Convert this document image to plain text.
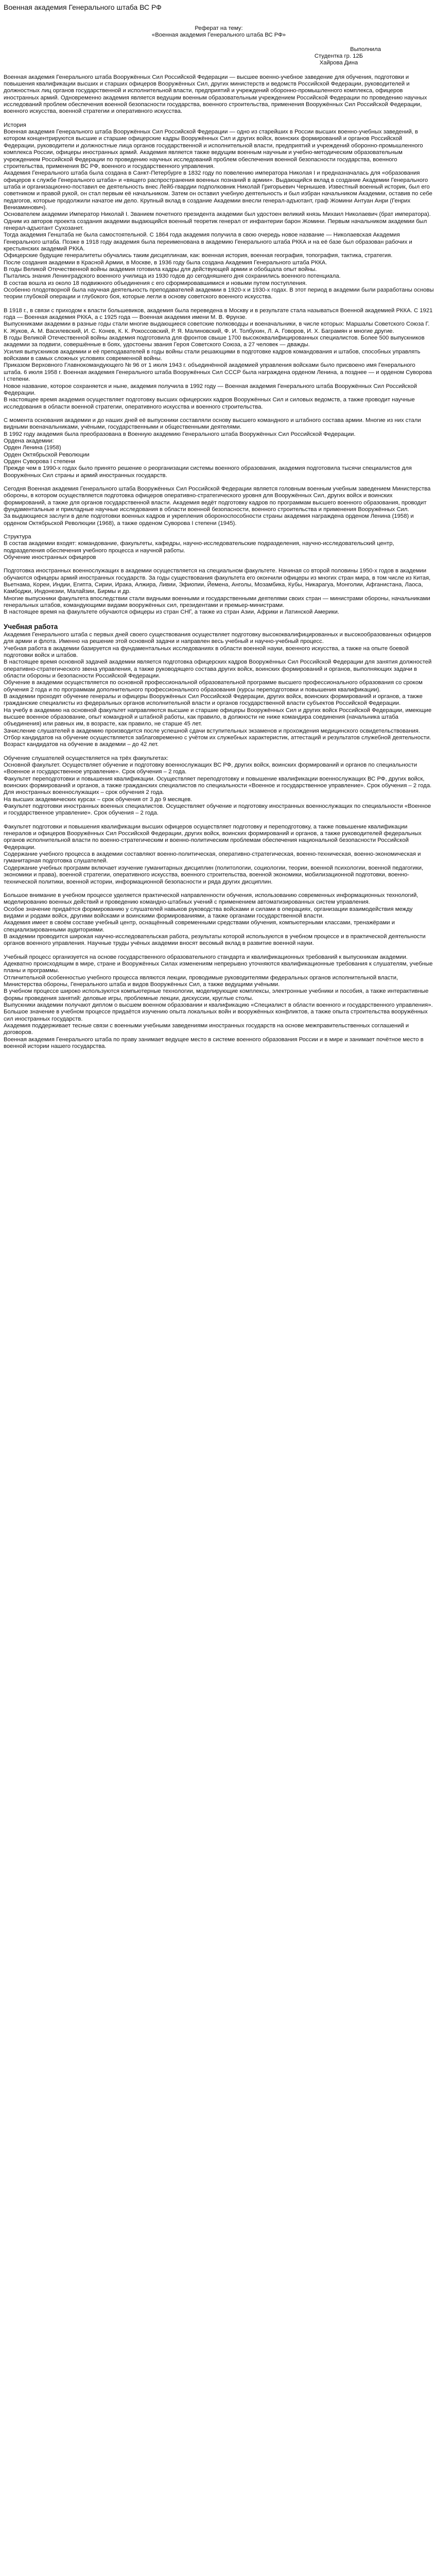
Военная академия Генерального штаба ВС РФ

Реферат на тему:

«Военная академия Генерального штаба ВС РФ»

Выполнила

Студентка гр. 12Б

Хайрова Дина

Военная академия Генерального штаба Вооружённых Сил Российской Федерации — высшее военно-учебное заведение для обучения, подготовки и повышения квалификации высших и старших офицеров Вооружённых Сил, других министерств и ведомств Российской Федерации, руководителей и должностных лиц органов государственной и исполнительной власти, предприятий и учреждений оборонно-промышленного комплекса, офицеров иностранных армий. Одновременно академия является ведущим военным образовательным учреждением Российской Федерации по проведению научных исследований проблем обеспечения военной безопасности государства, военного строительства, применения Вооружённых Сил Российской Федерации, военного искусства, военной стратегии и оперативного искусства.

История

Военная академия Генерального штаба Вооружённых Сил Российской Федерации — одно из старейших в России высших военно-учебных заведений, в котором концентрируются высшие и старшие офицерские кадры Вооружённых Сил и других войск, воинских формирований и органов Российской Федерации, руководители и должностные лица органов государственной и исполнительной власти, предприятий и учреждений оборонно-промышленного комплекса России, офицеры иностранных армий. Академия является также ведущим военным научным и учебно-методическим образовательным учреждением Российской Федерации по проведению научных исследований проблем обеспечения военной безопасности государства, военного строительства, применения ВС РФ, военного и государственного управления.

Академия Генерального штаба была создана в Санкт-Петербурге в 1832 году по повелению императора Николая I и предназначалась для «образования офицеров к службе Генерального штаба» и «вящего распространения военных познаний в армии». Выдающийся вклад в создание Академии Генерального штаба и организационно-поставил ее деятельность внес Лейб-гвардии подполковник Николай Григорьевич Чернышев. Известный военный историк, был его советником и правой рукой, он стал первым её начальником. Затем он оставил учебную деятельность и был избран начальником Академии, оставив по себе педагогов, которые продолжили начатое им дело. Крупный вклад в создание Академии внесли генерал-адъютант, граф Жомини Антуан Анри (Генрих Вениаминович).

Основателем академии Император Николай I. Званием почетного президента академии был удостоен великий князь Михаил Николаевич (брат императора). Одним из авторов проекта создания академии выдающийся военный теоретик генерал от инфантерии барон Жомини. Первым начальником академии был генерал-адъютант Сухозанет.

Тогда академия Генштаба не была самостоятельной. С 1864 года академия получила в свою очередь новое название — Николаевская Академия Генерального штаба. Позже в 1918 году академия была переименована в академию Генерального штаба РККА и на её базе был образован рабочих и крестьянских академий РККА.

Офицерские будущие генералитеты обучались таким дисциплинам, как: военная история, военная география, топография, тактика, стратегия.

После создания академии в Красной Армии, в Москве, в 1936 году была создана Академия Генерального штаба РККА.

В годы Великой Отечественной войны академия готовила кадры для действующей армии и обобщала опыт войны.

Пытались знания Ленинградского военного училища из 1930 годов до сегодняшнего дня сохранились военного потенциала.

В состав вошла из около 18 подвижного объединения с его сформировавшимися и новыми путем поступления.

Особенно плодотворной была научная деятельность преподавателей академии в 1920-х и 1930-х годах. В этот период в академии были разработаны основы теории глубокой операции и глубокого боя, которые легли в основу советского военного искусства.

В 1918 г., в связи с приходом к власти большевиков, академия была переведена в Москву и в результате стала называться Военной академией РККА. С 1921 года — Военная академия РККА, а с 1925 года — Военная академия имени М. В. Фрунзе.

Выпускниками академии в разные годы стали многие выдающиеся советские полководцы и военачальники, в числе которых: Маршалы Советского Союза Г. К. Жуков, А. М. Василевский, И. С. Конев, К. К. Рокоссовский, Р. Я. Малиновский, Ф. И. Толбухин, Л. А. Говоров, И. Х. Баграмян и многие другие.

В годы Великой Отечественной войны академия подготовила для фронтов свыше 1700 высококвалифицированных специалистов. Более 500 выпускников академии за подвиги, совершённые в боях, удостоены звания Героя Советского Союза, а 27 человек — дважды.

Усилия выпускников академии и её преподавателей в годы войны стали решающими в подготовке кадров командования и штабов, способных управлять войсками в самых сложных условиях современной войны.

Приказом Верховного Главнокомандующего № 96 от 1 июля 1943 г. объединённой академией управления войсками было присвоено имя Генерального штаба. 6 июля 1958 г. Военная академия Генерального штаба Вооружённых Сил СССР была награждена орденом Ленина, а позднее — и орденом Суворова I степени.

Новое название, которое сохраняется и ныне, академия получила в 1992 году — Военная академия Генерального штаба Вооружённых Сил Российской Федерации.

В настоящее время академия осуществляет подготовку высших офицерских кадров Вооружённых Сил и силовых ведомств, а также проводит научные исследования в области военной стратегии, оперативного искусства и военного строительства.

С момента основания академии и до наших дней её выпускники составляли основу высшего командного и штабного состава армии. Многие из них стали видными военачальниками, учёными, государственными и общественными деятелями.

В 1992 году академия была преобразована в Военную академию Генерального штаба Вооружённых Сил Российской Федерации.

Ордена академии:
Орден Ленина (1958)
Орден Октябрьской Революции
Орден Суворова I степени

Прежде чем в 1990-х годах было принято решение о реорганизации системы военного образования, академия подготовила тысячи специалистов для Вооружённых Сил страны и армий иностранных государств.

Сегодня Военная академия Генерального штаба Вооружённых Сил Российской Федерации является головным военным учебным заведением Министерства обороны, в котором осуществляется подготовка офицеров оперативно-стратегического уровня для Вооружённых Сил, других войск и воинских формирований, а также для органов государственной власти. Академия ведёт подготовку кадров по программам высшего военного образования, проводит фундаментальные и прикладные научные исследования в области военной безопасности, военного строительства и применения Вооружённых Сил.

За выдающиеся заслуги в деле подготовки военных кадров и укрепления обороноспособности страны академия награждена орденом Ленина (1958) и орденом Октябрьской Революции (1968), а также орденом Суворова I степени (1945).

Структура

В состав академии входят: командование, факультеты, кафедры, научно-исследовательские подразделения, научно-исследовательский центр, подразделения обеспечения учебного процесса и научной работы.

Обучение иностранных офицеров

Подготовка иностранных военнослужащих в академии осуществляется на специальном факультете. Начиная со второй половины 1950-х годов в академии обучаются офицеры армий иностранных государств. За годы существования факультета его окончили офицеры из многих стран мира, в том числе из Китая, Вьетнама, Кореи, Индии, Египта, Сирии, Ирака, Алжира, Ливии, Эфиопии, Йемена, Анголы, Мозамбика, Кубы, Никарагуа, Монголии, Афганистана, Лаоса, Камбоджи, Индонезии, Малайзии, Бирмы и др.

Многие выпускники факультета впоследствии стали видными военными и государственными деятелями своих стран — министрами обороны, начальниками генеральных штабов, командующими видами вооружённых сил, президентами и премьер-министрами.

В настоящее время на факультете обучаются офицеры из стран СНГ, а также из стран Азии, Африки и Латинской Америки.

Учебная работа

Академия Генерального штаба с первых дней своего существования осуществляет подготовку высококвалифицированных и высокообразованных офицеров для армии и флота. Именно на решение этой основной задачи и направлен весь учебный и научно-учебный процесс.

Учебная работа в академии базируется на фундаментальных исследованиях в области военной науки, военного искусства, а также на опыте боевой подготовки войск и штабов.

В настоящее время основной задачей академии является подготовка офицерских кадров Вооружённых Сил Российской Федерации для занятия должностей оперативно-стратегического звена управления, а также руководящего состава других войск, воинских формирований и органов, выполняющих задачи в области обороны и безопасности Российской Федерации.

Обучение в академии осуществляется по основной профессиональной образовательной программе высшего профессионального образования со сроком обучения 2 года и по программам дополнительного профессионального образования (курсы переподготовки и повышения квалификации).

В академии проходят обучение генералы и офицеры Вооружённых Сил Российской Федерации, других войск, воинских формирований и органов, а также гражданские специалисты из федеральных органов исполнительной власти и органов государственной власти субъектов Российской Федерации.

На учебу в академию на основной факультет направляются высшие и старшие офицеры Вооружённых Сил и других войск Российской Федерации, имеющие высшее военное образование, опыт командной и штабной работы, как правило, в должности не ниже командира соединения (начальника штаба объединения) или равных им, в возрасте, как правило, не старше 45 лет.

Зачисление слушателей в академию производится после успешной сдачи вступительных экзаменов и прохождения медицинского освидетельствования. Отбор кандидатов на обучение осуществляется заблаговременно с учётом их служебных характеристик, аттестаций и результатов служебной деятельности.

Возраст кандидатов на обучение в академии – до 42 лет.

Обучение слушателей осуществляется на трёх факультетах:

Основной факультет. Осуществляет обучение и подготовку военнослужащих ВС РФ, других войск, воинских формирований и органов по специальности «Военное и государственное управление». Срок обучения – 2 года.

Факультет переподготовки и повышения квалификации. Осуществляет переподготовку и повышение квалификации военнослужащих ВС РФ, других войск, воинских формирований и органов, а также гражданских специалистов по специальности «Военное и государственное управление». Срок обучения – 2 года.

Для иностранных военнослужащих – срок обучения 2 года.

На высших академических курсах – срок обучения от 3 до 9 месяцев.

Факультет подготовки иностранных военных специалистов. Осуществляет обучение и подготовку иностранных военнослужащих по специальности «Военное и государственное управление». Срок обучения – 2 года.

Факультет подготовки и повышения квалификации высших офицеров осуществляет подготовку и переподготовку, а также повышение квалификации генералов и офицеров Вооружённых Сил Российской Федерации, других войск, воинских формирований и органов, а также руководителей федеральных органов исполнительной власти по военно-стратегическим и военно-политическим проблемам обеспечения национальной безопасности Российской Федерации.

Содержание учебного процесса в академии составляют военно-политическая, оперативно-стратегическая, военно-техническая, военно-экономическая и гуманитарная подготовка слушателей.

Содержание учебных программ включает изучение гуманитарных дисциплин (политологии, социологии, теории, военной психологии, военной педагогики, экономики и права), военной стратегии, оперативного искусства, военного строительства, военной экономики, мобилизационной подготовки, военно-технической политики, военной истории, информационной безопасности и ряда других дисциплин.

Большое внимание в учебном процессе уделяется практической направленности обучения, использованию современных информационных технологий, моделированию военных действий и проведению командно-штабных учений с применением автоматизированных систем управления.

Особое значение придаётся формированию у слушателей навыков руководства войсками и силами в операциях, организации взаимодействия между видами и родами войск, другими войсками и воинскими формированиями, а также органами государственной власти.

Академия имеет в своём составе учебный центр, оснащённый современными средствами обучения, компьютерными классами, тренажёрами и специализированными аудиториями.

В академии проводится широкая научно-исследовательская работа, результаты которой используются в учебном процессе и в практической деятельности органов военного управления. Научные труды учёных академии вносят весомый вклад в развитие военной науки.

Учебный процесс организуется на основе государственного образовательного стандарта и квалификационных требований к выпускникам академии.

Адекватно происходящим в мире, стране и Вооружённых Силах изменениям непрерывно уточняются квалификационные требования к слушателям, учебные планы и программы.

Отличительной особенностью учебного процесса являются лекции, проводимые руководителями федеральных органов исполнительной власти, Министерства обороны, Генерального штаба и видов Вооружённых Сил, а также ведущими учёными.

В учебном процессе широко используются компьютерные технологии, моделирующие комплексы, электронные учебники и пособия, а также интерактивные формы проведения занятий: деловые игры, проблемные лекции, дискуссии, круглые столы.

Выпускники академии получают диплом о высшем военном образовании и квалификацию «Специалист в области военного и государственного управления».

Большое значение в учебном процессе придаётся изучению опыта локальных войн и вооружённых конфликтов, а также опыта строительства вооружённых сил иностранных государств.

Академия поддерживает тесные связи с военными учебными заведениями иностранных государств на основе межправительственных соглашений и договоров.

Военная академия Генерального штаба по праву занимает ведущее место в системе военного образования России и в мире и занимает почётное место в военной истории нашего государства.
